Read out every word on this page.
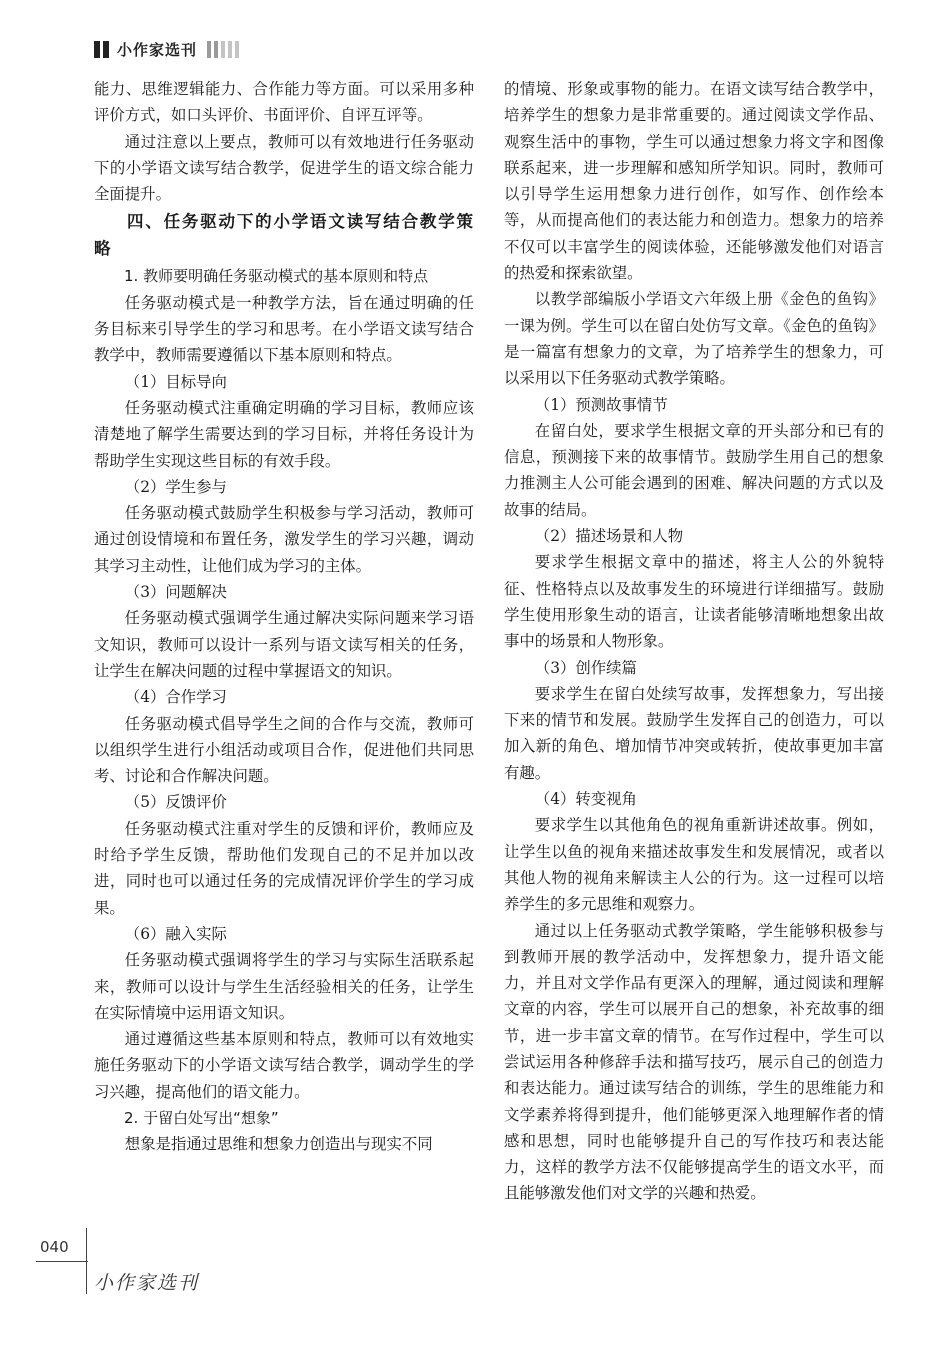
小作家选刊

能力、思维逻辑能力、合作能力等方面。可以采用多种评价方式，如口头评价、书面评价、自评互评等。

通过注意以上要点，教师可以有效地进行任务驱动下的小学语文读写结合教学，促进学生的语文综合能力全面提升。

四、任务驱动下的小学语文读写结合教学策略

1. 教师要明确任务驱动模式的基本原则和特点

任务驱动模式是一种教学方法，旨在通过明确的任务目标来引导学生的学习和思考。在小学语文读写结合教学中，教师需要遵循以下基本原则和特点。

（1）目标导向

任务驱动模式注重确定明确的学习目标，教师应该清楚地了解学生需要达到的学习目标，并将任务设计为帮助学生实现这些目标的有效手段。

（2）学生参与

任务驱动模式鼓励学生积极参与学习活动，教师可通过创设情境和布置任务，激发学生的学习兴趣，调动其学习主动性，让他们成为学习的主体。

（3）问题解决

任务驱动模式强调学生通过解决实际问题来学习语文知识，教师可以设计一系列与语文读写相关的任务，让学生在解决问题的过程中掌握语文的知识。

（4）合作学习

任务驱动模式倡导学生之间的合作与交流，教师可以组织学生进行小组活动或项目合作，促进他们共同思考、讨论和合作解决问题。

（5）反馈评价

任务驱动模式注重对学生的反馈和评价，教师应及时给予学生反馈，帮助他们发现自己的不足并加以改进，同时也可以通过任务的完成情况评价学生的学习成果。

（6）融入实际

任务驱动模式强调将学生的学习与实际生活联系起来，教师可以设计与学生生活经验相关的任务，让学生在实际情境中运用语文知识。

通过遵循这些基本原则和特点，教师可以有效地实施任务驱动下的小学语文读写结合教学，调动学生的学习兴趣，提高他们的语文能力。

2. 于留白处写出“想象”

想象是指通过思维和想象力创造出与现实不同

的情境、形象或事物的能力。在语文读写结合教学中，培养学生的想象力是非常重要的。通过阅读文学作品、观察生活中的事物，学生可以通过想象力将文字和图像联系起来，进一步理解和感知所学知识。同时，教师可以引导学生运用想象力进行创作，如写作、创作绘本等，从而提高他们的表达能力和创造力。想象力的培养不仅可以丰富学生的阅读体验，还能够激发他们对语言的热爱和探索欲望。

以教学部编版小学语文六年级上册《金色的鱼钩》一课为例。学生可以在留白处仿写文章。《金色的鱼钩》是一篇富有想象力的文章，为了培养学生的想象力，可以采用以下任务驱动式教学策略。

（1）预测故事情节

在留白处，要求学生根据文章的开头部分和已有的信息，预测接下来的故事情节。鼓励学生用自己的想象力推测主人公可能会遇到的困难、解决问题的方式以及故事的结局。

（2）描述场景和人物

要求学生根据文章中的描述，将主人公的外貌特征、性格特点以及故事发生的环境进行详细描写。鼓励学生使用形象生动的语言，让读者能够清晰地想象出故事中的场景和人物形象。

（3）创作续篇

要求学生在留白处续写故事，发挥想象力，写出接下来的情节和发展。鼓励学生发挥自己的创造力，可以加入新的角色、增加情节冲突或转折，使故事更加丰富有趣。

（4）转变视角

要求学生以其他角色的视角重新讲述故事。例如，让学生以鱼的视角来描述故事发生和发展情况，或者以其他人物的视角来解读主人公的行为。这一过程可以培养学生的多元思维和观察力。

通过以上任务驱动式教学策略，学生能够积极参与到教师开展的教学活动中，发挥想象力，提升语文能力，并且对文学作品有更深入的理解，通过阅读和理解文章的内容，学生可以展开自己的想象，补充故事的细节，进一步丰富文章的情节。在写作过程中，学生可以尝试运用各种修辞手法和描写技巧，展示自己的创造力和表达能力。通过读写结合的训练，学生的思维能力和文学素养将得到提升，他们能够更深入地理解作者的情感和思想，同时也能够提升自己的写作技巧和表达能力，这样的教学方法不仅能够提高学生的语文水平，而且能够激发他们对文学的兴趣和热爱。

040
小作家选刊
